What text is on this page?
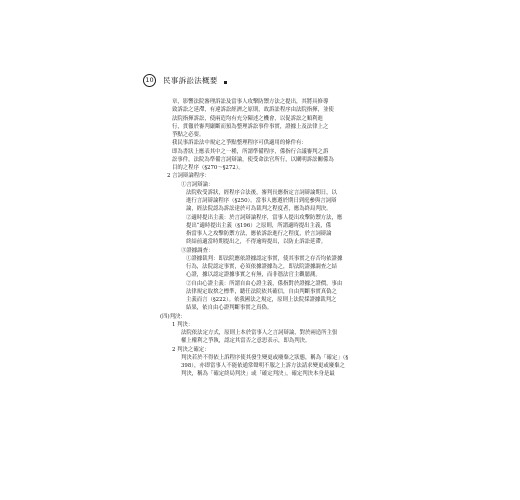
10	民事訴訟法概要
章，影響法院審理訴訟及當事人攻擊防禦方法之提出，其將具修導
致訴訟之延滯，有違訴訟經濟之原則，故訴訟程序由法院指揮，並使
法院指揮訴訟，使兩造均有充分陳述之機會，以促訴訟之順利進
行，貫徹於審判嚴斷而預為整理訴訟事件事實，證據上及法律上之
爭點之必要。
我民事訴訟法中規定之爭點整理程序可供適用的條件有：
即為書狀上應表其中之一種，所謂準備程序，係指行合議審判之訴
訟事件，法院為準備言詞辯論，使受命法官所行，以闡明訴訟關係為
目的之程序（§270～§272）。
2 言詞辯論程序：
①言詞辯論：
法院收受訴狀，經程序合法後，審判長應指定言詞辯論期日，以
進行言詞辯論程序（§250）。當事人應遵於期日到庭參與言詞辯
論，經法院認為訴訟達於可為裁判之程度者，應為終局判決。
②適時提出主義：於言詞辯論程序，當事人提出攻擊防禦方法，應
提出“適時提出主義（§196）之原則，所謂適時提出主義，係
指當事人之攻擊防禦方法，應依訴訟進行之程度，於言詞辯論
終結前適當時期提出之，不得逾時提出，以防止訴訟延滯。
③證據調查：
①證據裁判：即法院應依證據認定事實，使其事實之存否均依證據
行為，法院認定事實，必須依據證據為之，即法院證據調查之結
心證，據以認定證據事實之有無，而非憑法官主觀臆測。
②自由心證主義：所謂自由心證主義，係指對於證據之證價，事由
法律規定取捨之標準，聽任法院依其確信，自由判斷事實真偽之
主義而言（§222）。依我國法之規定，原則上法院採證據裁判之
結果，依自由心證判斷事實之真偽。
(四)判決：
1 判決：
法院依法定方式，原則上本於當事人之言詞辯論，對於兩造所主張
權上權利之爭執，認定其當否之意思表示，即為判決。
2 判決之確定：
判決若於不得依上訴程序使其發生變更或廢棄之狀態，稱為「確定」（§
398），亦即當事人不能依通常聲明不服之上訴方法請求變更或廢棄之
判決，稱為「確定終局判決」或「確定判決」，確定判決本身是最
